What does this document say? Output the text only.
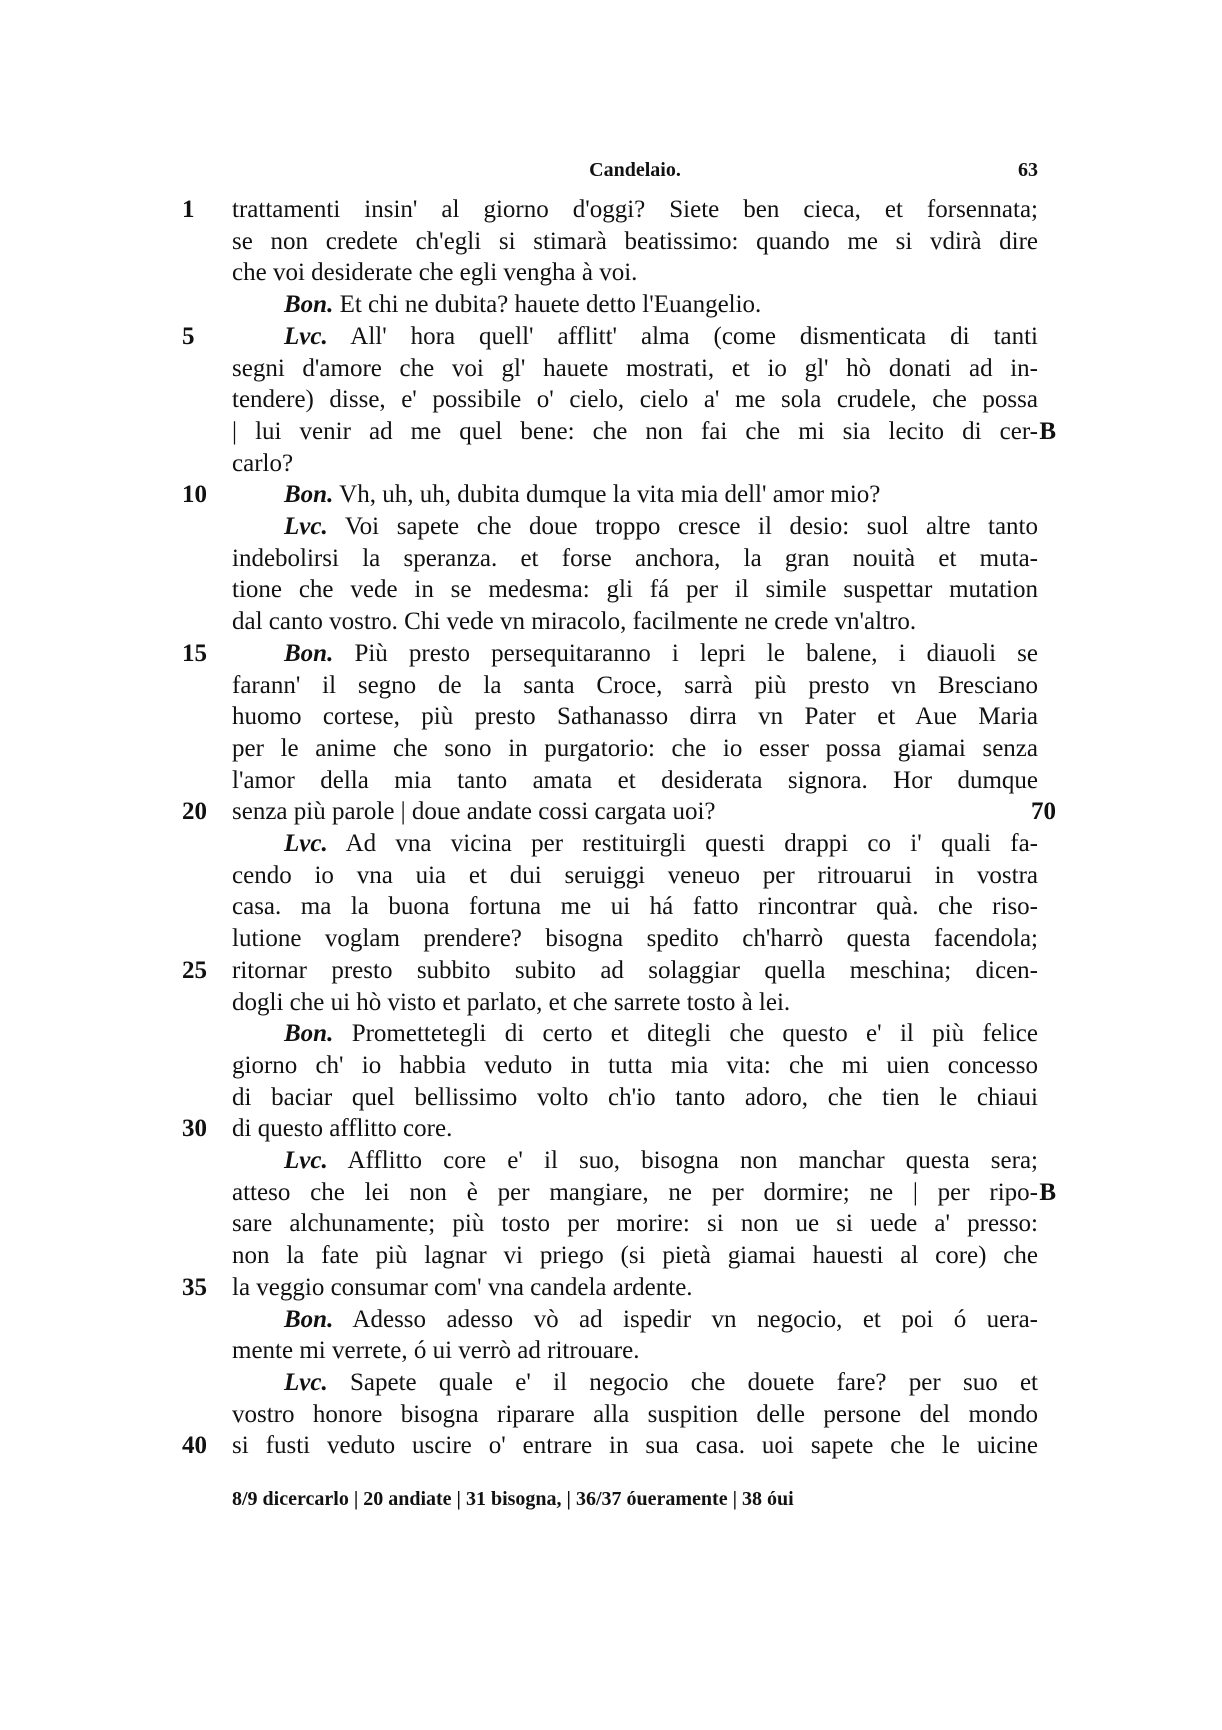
Candelaio.	63
1	trattamenti insin' al giorno d'oggi? Siete ben cieca, et forsennata;
se non credete ch'egli si stimarà beatissimo: quando me si vdirà dire
che voi desiderate che egli vengha à voi.
Bon. Et chi ne dubita? hauete detto l'Euangelio.
5	Lvc. All' hora quell' afflitt' alma (come dismenticata di tanti
segni d'amore che voi gl' hauete mostrati, et io gl' hò donati ad in-
tendere) disse, e' possibile o' cielo, cielo a' me sola crudele, che possa
| lui venir ad me quel bene: che non fai che mi sia lecito di cer- B
carlo?
10	Bon. Vh, uh, uh, dubita dumque la vita mia dell' amor mio?
Lvc. Voi sapete che doue troppo cresce il desio: suol altre tanto
indebolirsi la speranza. et forse anchora, la gran nouità et muta-
tione che vede in se medesma: gli fá per il simile suspettar mutation
dal canto vostro. Chi vede vn miracolo, facilmente ne crede vn'altro.
15	Bon. Più presto persequitaranno i lepri le balene, i diauoli se
farann' il segno de la santa Croce, sarrà più presto vn Bresciano
huomo cortese, più presto Sathanasso dirra vn Pater et Aue Maria
per le anime che sono in purgatorio: che io esser possa giamai senza
l'amor della mia tanto amata et desiderata signora. Hor dumque
20	senza più parole | doue andate cossi cargata uoi?	70
Lvc. Ad vna vicina per restituirgli questi drappi co i' quali fa-
cendo io vna uia et dui seruiggi veneuo per ritrouarui in vostra
casa. ma la buona fortuna me ui há fatto rincontrar quà. che riso-
lutione voglam prendere? bisogna spedito ch'harrò questa facendola;
25	ritornar presto subbito subito ad solaggiar quella meschina; dicen-
dogli che ui hò visto et parlato, et che sarrete tosto à lei.
Bon. Promettetegli di certo et ditegli che questo e' il più felice
giorno ch' io habbia veduto in tutta mia vita: che mi uien concesso
di baciar quel bellissimo volto ch'io tanto adoro, che tien le chiaui
30	di questo afflitto core.
Lvc. Afflitto core e' il suo, bisogna non manchar questa sera;
atteso che lei non è per mangiare, ne per dormire; ne | per ripo- B
sare alchunamente; più tosto per morire: si non ue si uede a' presso:
non la fate più lagnar vi priego (si pietà giamai hauesti al core) che
35	la veggio consumar com' vna candela ardente.
Bon. Adesso adesso vò ad ispedir vn negocio, et poi ó uera-
mente mi verrete, ó ui verrò ad ritrouare.
Lvc. Sapete quale e' il negocio che douete fare? per suo et
vostro honore bisogna riparare alla suspition delle persone del mondo
40	si fusti veduto uscire o' entrare in sua casa. uoi sapete che le uicine
8/9 dicercarlo | 20 andiate | 31 bisogna, | 36/37 óueramente | 38 óui
